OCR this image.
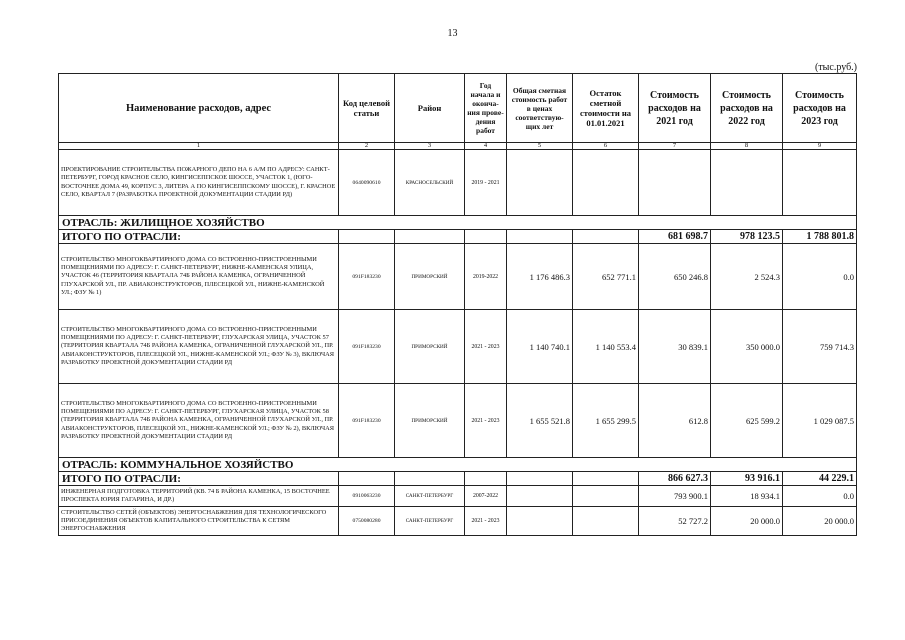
13
(тыс.руб.)
Наименование расходов, адрес	Код целевой статьи	Район	Год начала и оконча-ния прове-дения работ	Общая сметная стоимость работ в ценах соответствую-щих лет	Остаток сметной стоимости на 01.01.2021	Стоимость расходов на 2021 год	Стоимость расходов на 2022 год	Стоимость расходов на 2023 год
1	2	3	4	5	6	7	8	9
ПРОЕКТИРОВАНИЕ СТРОИТЕЛЬСТВА ПОЖАРНОГО ДЕПО НА 6 А/М ПО АДРЕСУ: САНКТ-ПЕТЕРБУРГ, ГОРОД КРАСНОЕ СЕЛО, КИНГИСЕППСКОЕ ШОССЕ, УЧАСТОК 1, (ЮГО-ВОСТОЧНЕЕ ДОМА 49, КОРПУС 3, ЛИТЕРА А ПО КИНГИСЕППСКОМУ ШОССЕ), Г. КРАСНОЕ СЕЛО, КВАРТАЛ 7 (РАЗРАБОТКА ПРОЕКТНОЙ ДОКУМЕНТАЦИИ СТАДИИ РД)	0640090610	КРАСНОСЕЛЬСКИЙ	2019 - 2021					
ОТРАСЛЬ: ЖИЛИЩНОЕ ХОЗЯЙСТВО								
ИТОГО ПО ОТРАСЛИ:						681 698.7	978 123.5	1 788 801.8
СТРОИТЕЛЬСТВО МНОГОКВАРТИРНОГО ДОМА СО ВСТРОЕННО-ПРИСТРОЕННЫМИ ПОМЕЩЕНИЯМИ ПО АДРЕСУ: Г. САНКТ-ПЕТЕРБУРГ, НИЖНЕ-КАМЕНСКАЯ УЛИЦА, УЧАСТОК 46 (ТЕРРИТОРИЯ КВАРТАЛА 74Б РАЙОНА КАМЕНКА, ОГРАНИЧЕННОЙ ГЛУХАРСКОЙ УЛ., ПР. АВИАКОНСТРУКТОРОВ, ПЛЕСЕЦКОЙ УЛ., НИЖНЕ-КАМЕНСКОЙ УЛ.; ФЗУ № 1)	091F183230	ПРИМОРСКИЙ	2019-2022	1 176 486.3	652 771.1	650 246.8	2 524.3	0.0
СТРОИТЕЛЬСТВО МНОГОКВАРТИРНОГО ДОМА СО ВСТРОЕННО-ПРИСТРОЕННЫМИ ПОМЕЩЕНИЯМИ ПО АДРЕСУ: Г. САНКТ-ПЕТЕРБУРГ, ГЛУХАРСКАЯ УЛИЦА, УЧАСТОК 57 (ТЕРРИТОРИЯ КВАРТАЛА 74Б РАЙОНА КАМЕНКА, ОГРАНИЧЕННОЙ ГЛУХАРСКОЙ УЛ., ПР. АВИАКОНСТРУКТОРОВ, ПЛЕСЕЦКОЙ УЛ., НИЖНЕ-КАМЕНСКОЙ УЛ.; ФЗУ № 3), ВКЛЮЧАЯ РАЗРАБОТКУ ПРОЕКТНОЙ ДОКУМЕНТАЦИИ СТАДИИ РД	091F183230	ПРИМОРСКИЙ	2021 - 2023	1 140 740.1	1 140 553.4	30 839.1	350 000.0	759 714.3
СТРОИТЕЛЬСТВО МНОГОКВАРТИРНОГО ДОМА СО ВСТРОЕННО-ПРИСТРОЕННЫМИ ПОМЕЩЕНИЯМИ ПО АДРЕСУ: Г. САНКТ-ПЕТЕРБУРГ, ГЛУХАРСКАЯ УЛИЦА, УЧАСТОК 58 (ТЕРРИТОРИЯ КВАРТАЛА 74Б РАЙОНА КАМЕНКА, ОГРАНИЧЕННОЙ ГЛУХАРСКОЙ УЛ., ПР. АВИАКОНСТРУКТОРОВ, ПЛЕСЕЦКОЙ УЛ., НИЖНЕ-КАМЕНСКОЙ УЛ.; ФЗУ № 2), ВКЛЮЧАЯ РАЗРАБОТКУ ПРОЕКТНОЙ ДОКУМЕНТАЦИИ СТАДИИ РД	091F183230	ПРИМОРСКИЙ	2021 - 2023	1 655 521.8	1 655 299.5	612.8	625 599.2	1 029 087.5
ОТРАСЛЬ: КОММУНАЛЬНОЕ ХОЗЯЙСТВО								
ИТОГО ПО ОТРАСЛИ:						866 627.3	93 916.1	44 229.1
ИНЖЕНЕРНАЯ ПОДГОТОВКА ТЕРРИТОРИЙ (КВ. 74 Б РАЙОНА КАМЕНКА, 15 ВОСТОЧНЕЕ ПРОСПЕКТА ЮРИЯ ГАГАРИНА, И ДР.)	0910063230	САНКТ-ПЕТЕРБУРГ	2007-2022			793 900.1	18 934.1	0.0
СТРОИТЕЛЬСТВО СЕТЕЙ (ОБЪЕКТОВ) ЭНЕРГОСНАБЖЕНИЯ ДЛЯ ТЕХНОЛОГИЧЕСКОГО ПРИСОЕДИНЕНИЯ ОБЪЕКТОВ КАПИТАЛЬНОГО СТРОИТЕЛЬСТВА К СЕТЯМ ЭНЕРГОСНАБЖЕНИЯ	0750080280	САНКТ-ПЕТЕРБУРГ	2021 - 2023			52 727.2	20 000.0	20 000.0
